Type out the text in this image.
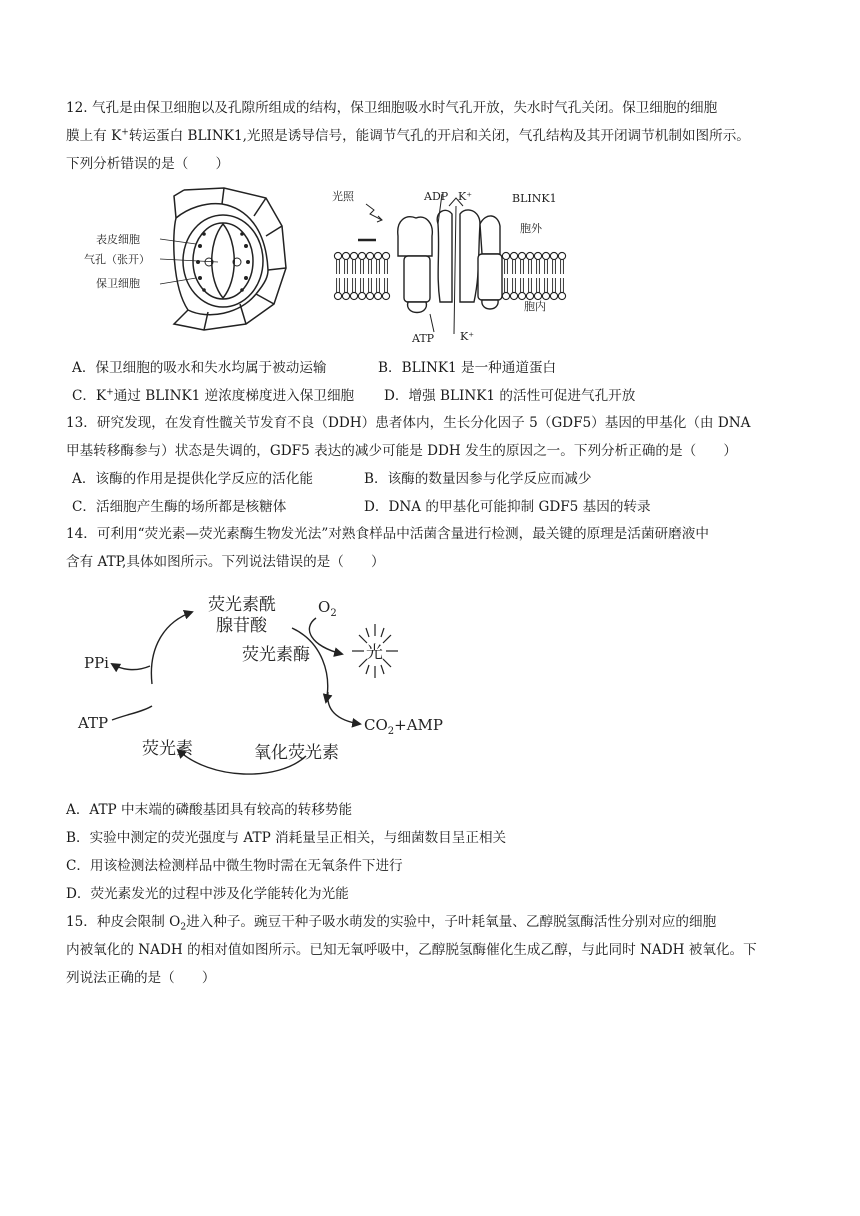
12. 气孔是由保卫细胞以及孔隙所组成的结构，保卫细胞吸水时气孔开放，失水时气孔关闭。保卫细胞的细胞
膜上有 K+转运蛋白 BLINK1,光照是诱导信号，能调节气孔的开启和关闭，气孔结构及其开闭调节机制如图所示。
下列分析错误的是（　　）
表皮细胞
气孔（张开）
保卫细胞
光照	ADP K⁺	BLINK1
胞外
胞内
ATP K⁺
A．保卫细胞的吸水和失水均属于被动运输	B．BLINK1 是一种通道蛋白
C．K+通过 BLINK1 逆浓度梯度进入保卫细胞 D．增强 BLINK1 的活性可促进气孔开放
13．研究发现，在发育性髋关节发育不良（DDH）患者体内，生长分化因子 5（GDF5）基因的甲基化（由 DNA
甲基转移酶参与）状态是失调的，GDF5 表达的减少可能是 DDH 发生的原因之一。下列分析正确的是（　　）
A．该酶的作用是提供化学反应的活化能	B．该酶的数量因参与化学反应而减少
C．活细胞产生酶的场所都是核糖体	D．DNA 的甲基化可能抑制 GDF5 基因的转录
14．可利用“荧光素—荧光素酶生物发光法”对熟食样品中活菌含量进行检测，最关键的原理是活菌研磨液中
含有 ATP,具体如图所示。下列说法错误的是（　　）
荧光素酰
腺苷酸
荧光素酶
$O_2$
光
PPi
ATP	$CO_2+AMP$
荧光素	氧化荧光素
A．ATP 中末端的磷酸基团具有较高的转移势能
B．实验中测定的荧光强度与 ATP 消耗量呈正相关，与细菌数目呈正相关
C．用该检测法检测样品中微生物时需在无氧条件下进行
D．荧光素发光的过程中涉及化学能转化为光能
15．种皮会限制 $O_2$进入种子。豌豆干种子吸水萌发的实验中，子叶耗氧量、乙醇脱氢酶活性分别对应的细胞
内被氧化的 NADH 的相对值如图所示。已知无氧呼吸中，乙醇脱氢酶催化生成乙醇，与此同时 NADH 被氧化。下
列说法正确的是（　　）
